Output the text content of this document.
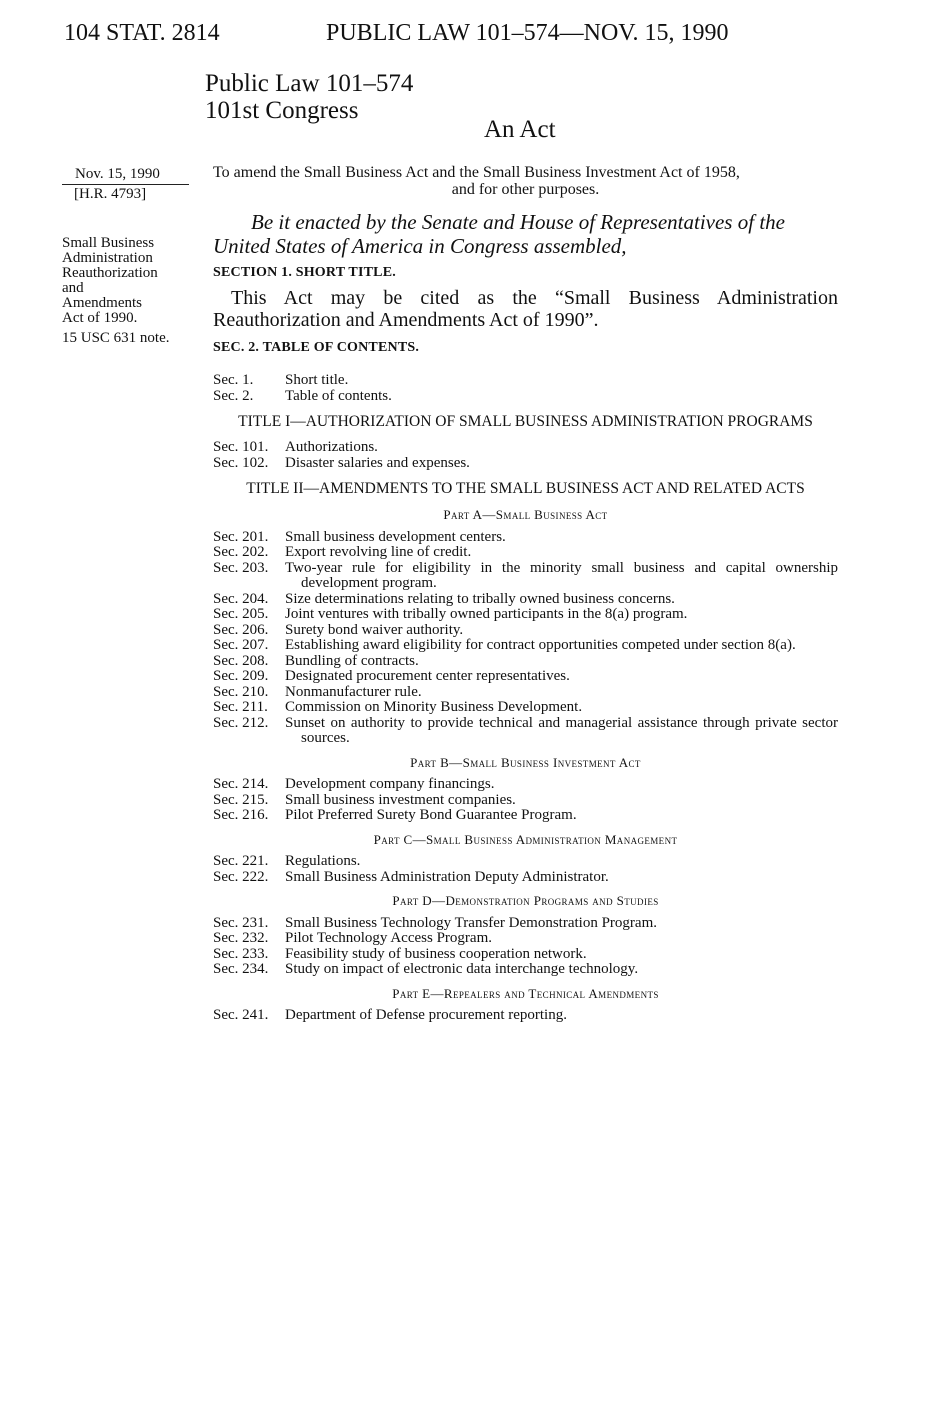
104 STAT. 2814	PUBLIC LAW 101–574—NOV. 15, 1990
Public Law 101–574
101st Congress
An Act
Nov. 15, 1990
[H.R. 4793]
Small Business
Administration
Reauthorization
and
Amendments
Act of 1990.
15 USC 631 note.
To amend the Small Business Act and the Small Business Investment Act of 1958,
and for other purposes.
Be it enacted by the Senate and House of Representatives of the United States of America in Congress assembled,
SECTION 1. SHORT TITLE.
This Act may be cited as the “Small Business Administration Reauthorization and Amendments Act of 1990”.
SEC. 2. TABLE OF CONTENTS.
Sec. 1.	Short title.
Sec. 2.	Table of contents.
TITLE I—AUTHORIZATION OF SMALL BUSINESS ADMINISTRATION PROGRAMS
Sec. 101.	Authorizations.
Sec. 102.	Disaster salaries and expenses.
TITLE II—AMENDMENTS TO THE SMALL BUSINESS ACT AND RELATED ACTS
Part A—Small Business Act
Sec. 201.	Small business development centers.
Sec. 202.	Export revolving line of credit.
Sec. 203.	Two-year rule for eligibility in the minority small business and capital ownership development program.
Sec. 204.	Size determinations relating to tribally owned business concerns.
Sec. 205.	Joint ventures with tribally owned participants in the 8(a) program.
Sec. 206.	Surety bond waiver authority.
Sec. 207.	Establishing award eligibility for contract opportunities competed under section 8(a).
Sec. 208.	Bundling of contracts.
Sec. 209.	Designated procurement center representatives.
Sec. 210.	Nonmanufacturer rule.
Sec. 211.	Commission on Minority Business Development.
Sec. 212.	Sunset on authority to provide technical and managerial assistance through private sector sources.
Part B—Small Business Investment Act
Sec. 214.	Development company financings.
Sec. 215.	Small business investment companies.
Sec. 216.	Pilot Preferred Surety Bond Guarantee Program.
Part C—Small Business Administration Management
Sec. 221.	Regulations.
Sec. 222.	Small Business Administration Deputy Administrator.
Part D—Demonstration Programs and Studies
Sec. 231.	Small Business Technology Transfer Demonstration Program.
Sec. 232.	Pilot Technology Access Program.
Sec. 233.	Feasibility study of business cooperation network.
Sec. 234.	Study on impact of electronic data interchange technology.
Part E—Repealers and Technical Amendments
Sec. 241.	Department of Defense procurement reporting.
